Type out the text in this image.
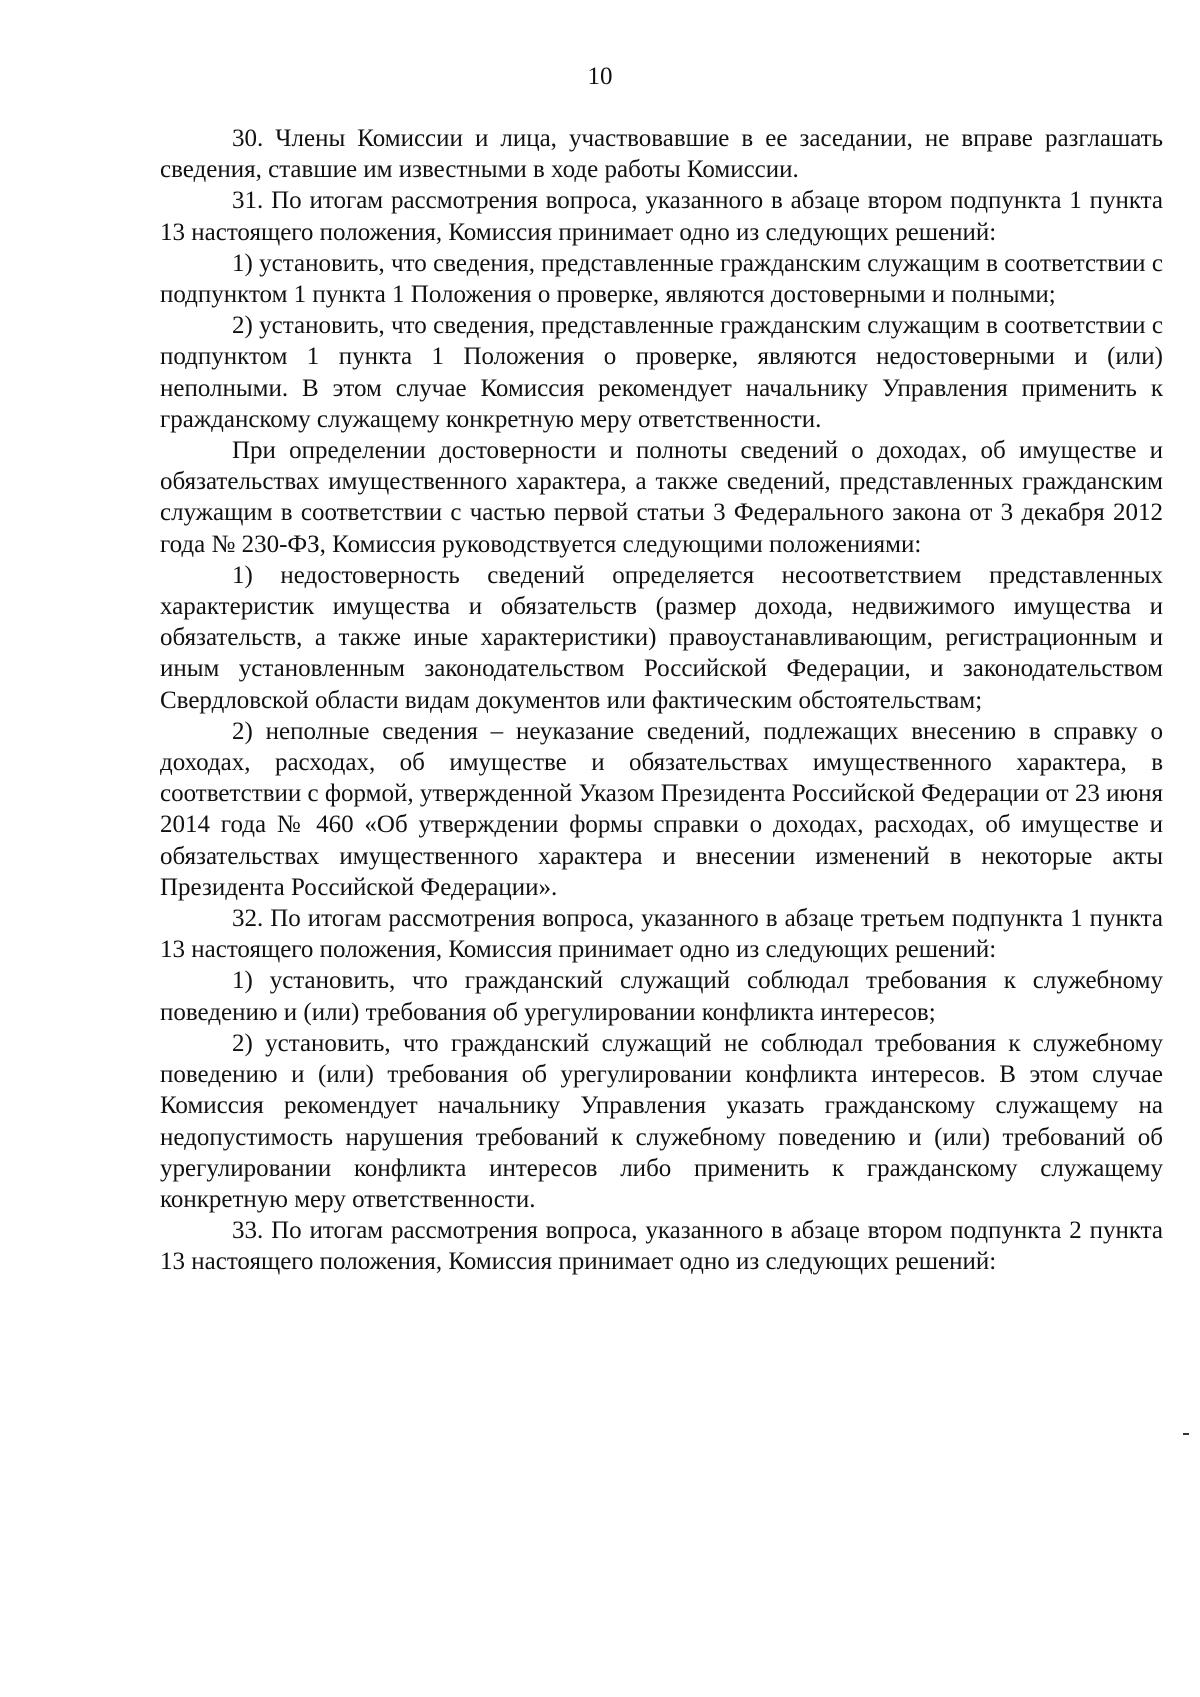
10

30. Члены Комиссии и лица, участвовавшие в ее заседании, не вправе разглашать сведения, ставшие им известными в ходе работы Комиссии.

31. По итогам рассмотрения вопроса, указанного в абзаце втором подпункта 1 пункта 13 настоящего положения, Комиссия принимает одно из следующих решений:

1) установить, что сведения, представленные гражданским служащим в соответствии с подпунктом 1 пункта 1 Положения о проверке, являются достоверными и полными;

2) установить, что сведения, представленные гражданским служащим в соответствии с подпунктом 1 пункта 1 Положения о проверке, являются недостоверными и (или) неполными. В этом случае Комиссия рекомендует начальнику Управления применить к гражданскому служащему конкретную меру ответственности.

При определении достоверности и полноты сведений о доходах, об имуществе и обязательствах имущественного характера, а также сведений, представленных гражданским служащим в соответствии с частью первой статьи 3 Федерального закона от 3 декабря 2012 года № 230-ФЗ, Комиссия руководствуется следующими положениями:

1) недостоверность сведений определяется несоответствием представленных характеристик имущества и обязательств (размер дохода, недвижимого имущества и обязательств, а также иные характеристики) правоустанавливающим, регистрационным и иным установленным законодательством Российской Федерации, и законодательством Свердловской области видам документов или фактическим обстоятельствам;

2) неполные сведения – неуказание сведений, подлежащих внесению в справку о доходах, расходах, об имуществе и обязательствах имущественного характера, в соответствии с формой, утвержденной Указом Президента Российской Федерации от 23 июня 2014 года № 460 «Об утверждении формы справки о доходах, расходах, об имуществе и обязательствах имущественного характера и внесении изменений в некоторые акты Президента Российской Федерации».

32. По итогам рассмотрения вопроса, указанного в абзаце третьем подпункта 1 пункта 13 настоящего положения, Комиссия принимает одно из следующих решений:

1) установить, что гражданский служащий соблюдал требования к служебному поведению и (или) требования об урегулировании конфликта интересов;

2) установить, что гражданский служащий не соблюдал требования к служебному поведению и (или) требования об урегулировании конфликта интересов. В этом случае Комиссия рекомендует начальнику Управления указать гражданскому служащему на недопустимость нарушения требований к служебному поведению и (или) требований об урегулировании конфликта интересов либо применить к гражданскому служащему конкретную меру ответственности.

33. По итогам рассмотрения вопроса, указанного в абзаце втором подпункта 2 пункта 13 настоящего положения, Комиссия принимает одно из следующих решений:
